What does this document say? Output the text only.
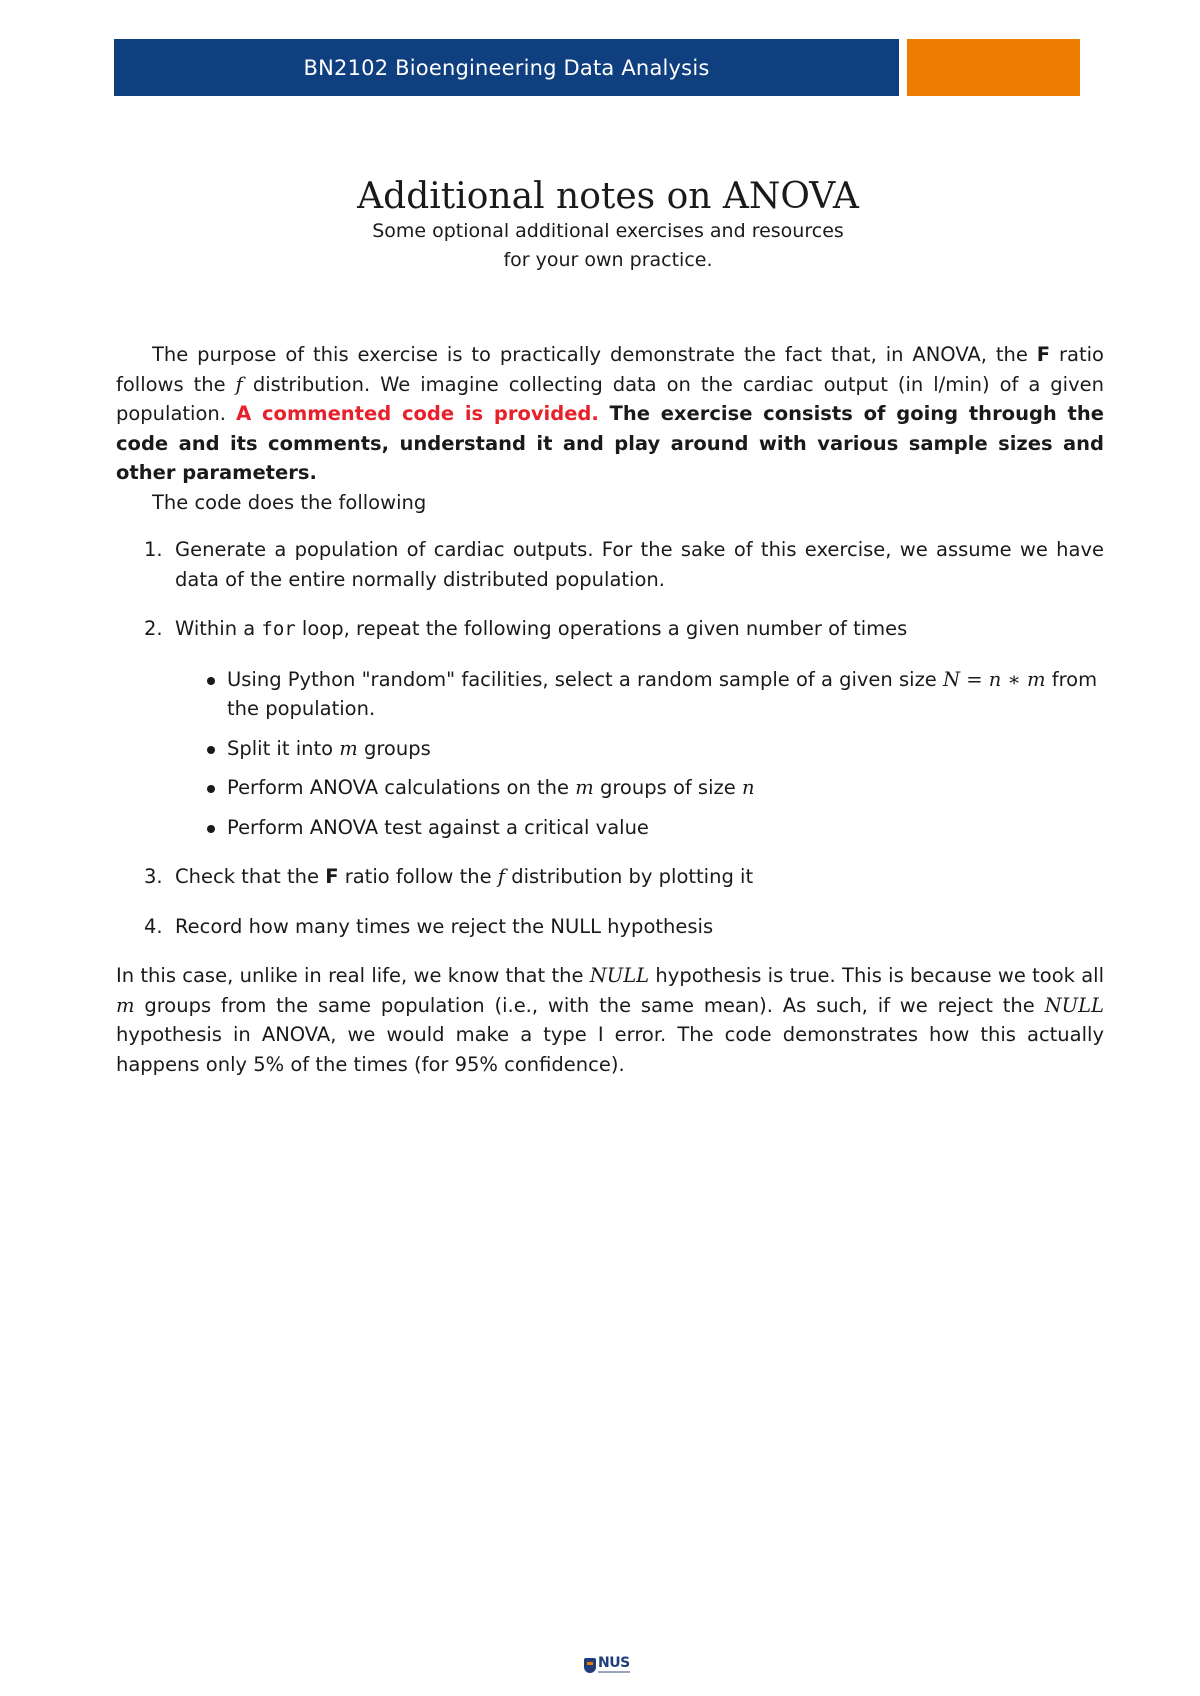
BN2102 Bioengineering Data Analysis
Additional notes on ANOVA
Some optional additional exercises and resources
for your own practice.

The purpose of this exercise is to practically demonstrate the fact that, in ANOVA, the F ratio follows the f distribution. We imagine collecting data on the cardiac output (in l/min) of a given population. A commented code is provided. The exercise consists of going through the code and its comments, understand it and play around with various sample sizes and other parameters.

The code does the following

1. Generate a population of cardiac outputs. For the sake of this exercise, we assume we have data of the entire normally distributed population.
2. Within a for loop, repeat the following operations a given number of times
Using Python "random" facilities, select a random sample of a given size N = n ∗ m from the population.
Split it into m groups
Perform ANOVA calculations on the m groups of size n
Perform ANOVA test against a critical value
3. Check that the F ratio follow the f distribution by plotting it
4. Record how many times we reject the NULL hypothesis

In this case, unlike in real life, we know that the NULL hypothesis is true. This is because we took all m groups from the same population (i.e., with the same mean). As such, if we reject the NULL hypothesis in ANOVA, we would make a type I error. The code demonstrates how this actually happens only 5% of the times (for 95% confidence).

NUS
